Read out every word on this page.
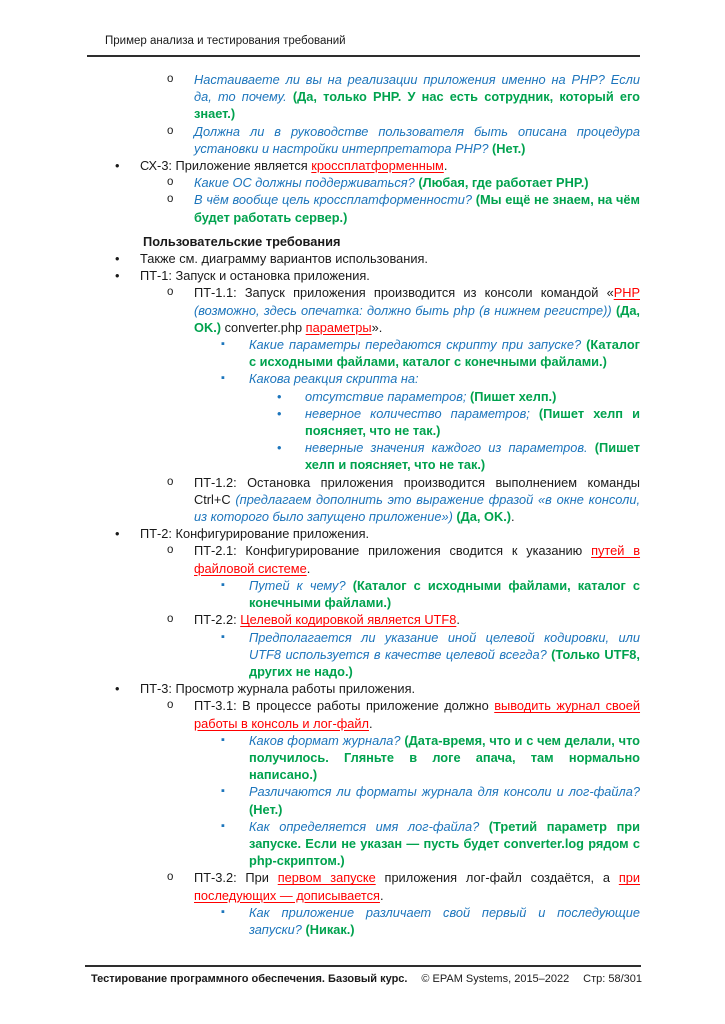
Пример анализа и тестирования требований
o	Настаиваете ли вы на реализации приложения именно на PHP? Если да, то почему. (Да, только PHP. У нас есть сотрудник, который его знает.)
o	Должна ли в руководстве пользователя быть описана процедура установки и настройки интерпретатора PHP? (Нет.)
•	СХ-3: Приложение является кроссплатформенным.
o	Какие ОС должны поддерживаться? (Любая, где работает PHP.)
o	В чём вообще цель кроссплатформенности? (Мы ещё не знаем, на чём будет работать сервер.)
Пользовательские требования
•	Также см. диаграмму вариантов использования.
•	ПТ-1: Запуск и остановка приложения.
o	ПТ-1.1: Запуск приложения производится из консоли командой «PHP (возможно, здесь опечатка: должно быть php (в нижнем регистре)) (Да, OK.) converter.php параметры».
▪	Какие параметры передаются скрипту при запуске? (Каталог с исходными файлами, каталог с конечными файлами.)
▪	Какова реакция скрипта на:
•	отсутствие параметров; (Пишет хелп.)
•	неверное количество параметров; (Пишет хелп и поясняет, что не так.)
•	неверные значения каждого из параметров. (Пишет хелп и поясняет, что не так.)
o	ПТ-1.2: Остановка приложения производится выполнением команды Ctrl+C (предлагаем дополнить это выражение фразой «в окне консоли, из которого было запущено приложение») (Да, OK.).
•	ПТ-2: Конфигурирование приложения.
o	ПТ-2.1: Конфигурирование приложения сводится к указанию путей в файловой системе.
▪	Путей к чему? (Каталог с исходными файлами, каталог с конечными файлами.)
o	ПТ-2.2: Целевой кодировкой является UTF8.
▪	Предполагается ли указание иной целевой кодировки, или UTF8 используется в качестве целевой всегда? (Только UTF8, других не надо.)
•	ПТ-3: Просмотр журнала работы приложения.
o	ПТ-3.1: В процессе работы приложение должно выводить журнал своей работы в консоль и лог-файл.
▪	Каков формат журнала? (Дата-время, что и с чем делали, что получилось. Гляньте в логе апача, там нормально написано.)
▪	Различаются ли форматы журнала для консоли и лог-файла? (Нет.)
▪	Как определяется имя лог-файла? (Третий параметр при запуске. Если не указан — пусть будет converter.log рядом с php-скриптом.)
o	ПТ-3.2: При первом запуске приложения лог-файл создаётся, а при последующих — дописывается.
▪	Как приложение различает свой первый и последующие запуски? (Никак.)
Тестирование программного обеспечения. Базовый курс. © EPAM Systems, 2015–2022 Стр: 58/301
